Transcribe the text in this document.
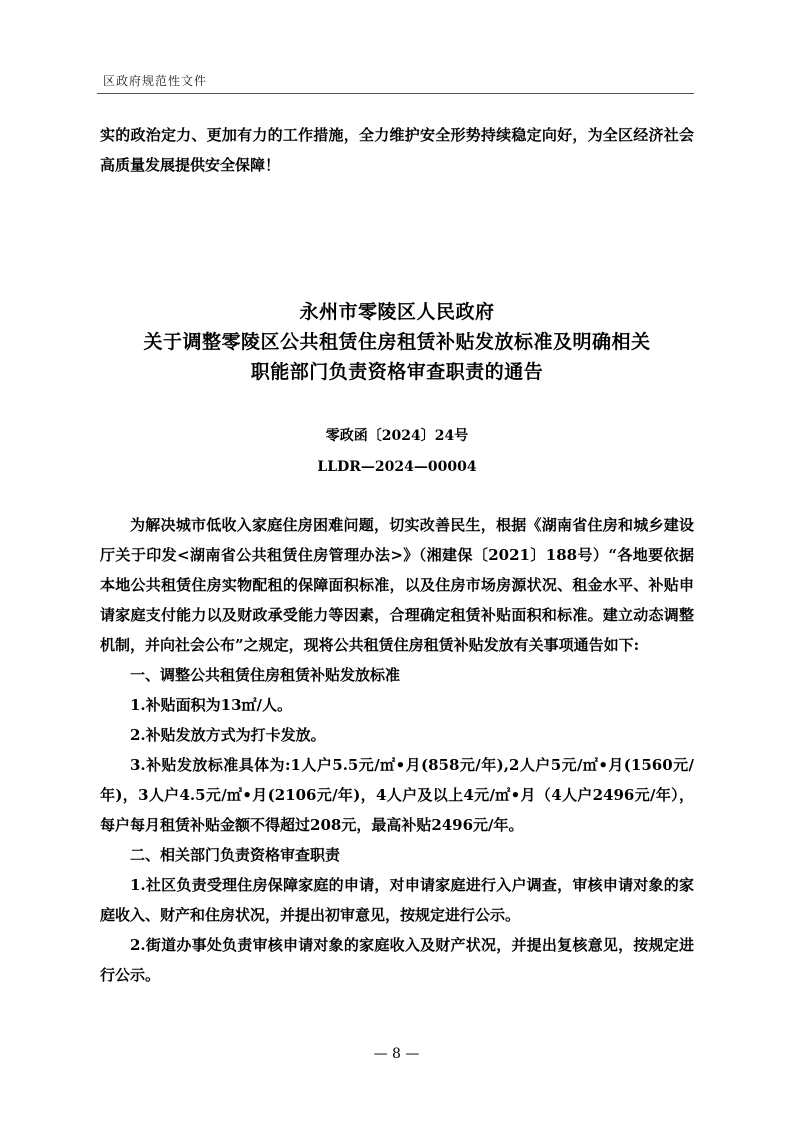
区政府规范性文件

实的政治定力、更加有力的工作措施，全力维护安全形势持续稳定向好，为全区经济社会高质量发展提供安全保障！

永州市零陵区人民政府
关于调整零陵区公共租赁住房租赁补贴发放标准及明确相关
职能部门负责资格审查职责的通告
零政函〔2024〕24号
LLDR—2024—00004

为解决城市低收入家庭住房困难问题，切实改善民生，根据《湖南省住房和城乡建设厅关于印发<湖南省公共租赁住房管理办法>》（湘建保〔2021〕188号）“各地要依据本地公共租赁住房实物配租的保障面积标准，以及住房市场房源状况、租金水平、补贴申请家庭支付能力以及财政承受能力等因素，合理确定租赁补贴面积和标准。建立动态调整机制，并向社会公布”之规定，现将公共租赁住房租赁补贴发放有关事项通告如下:

一、调整公共租赁住房租赁补贴发放标准

1.补贴面积为13㎡/人。

2.补贴发放方式为打卡发放。

3.补贴发放标准具体为:1人户5.5元/㎡•月(858元/年),2人户5元/㎡•月(1560元/年)，3人户4.5元/㎡•月(2106元/年)，4人户及以上4元/㎡•月（4人户2496元/年），每户每月租赁补贴金额不得超过208元，最高补贴2496元/年。

二、相关部门负责资格审查职责

1.社区负责受理住房保障家庭的申请，对申请家庭进行入户调查，审核申请对象的家庭收入、财产和住房状况，并提出初审意见，按规定进行公示。

2.街道办事处负责审核申请对象的家庭收入及财产状况，并提出复核意见，按规定进行公示。

— 8 —
